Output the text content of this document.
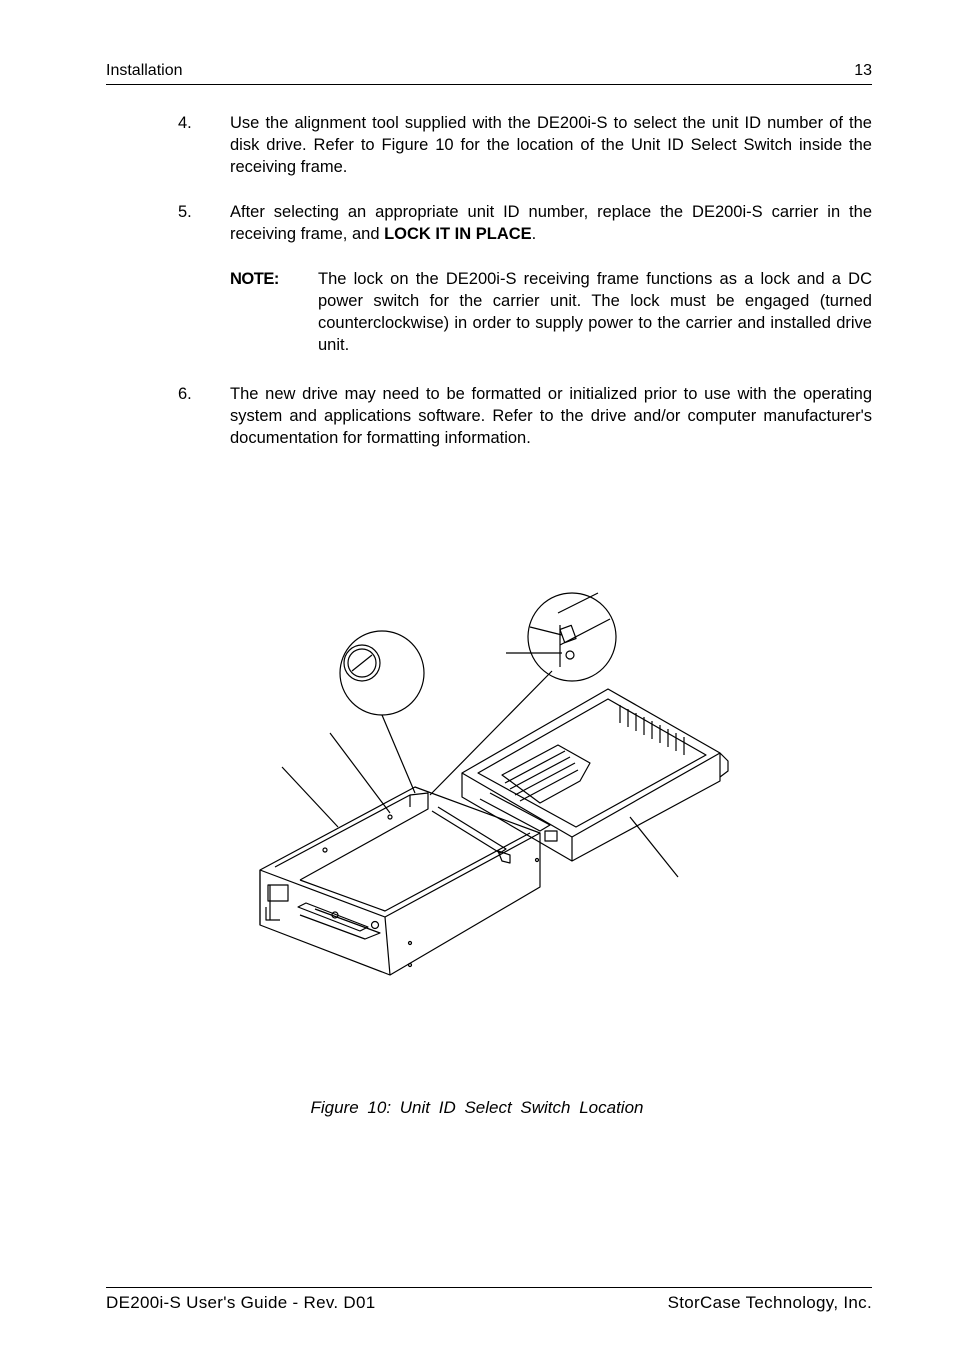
Installation	13
4.	Use the alignment tool supplied with the DE200i-S to select the unit ID number of the disk drive. Refer to Figure 10 for the location of the Unit ID Select Switch inside the receiving frame.
5.	After selecting an appropriate unit ID number, replace the DE200i-S carrier in the receiving frame, and LOCK IT IN PLACE.
NOTE: The lock on the DE200i-S receiving frame functions as a lock and a DC power switch for the carrier unit. The lock must be engaged (turned counterclockwise) in order to supply power to the carrier and installed drive unit.
6.	The new drive may need to be formatted or initialized prior to use with the operating system and applications software. Refer to the drive and/or computer manufacturer's documentation for formatting information.
Figure 10: Unit ID Select Switch Location
DE200i-S User's Guide - Rev. D01	StorCase Technology, Inc.
